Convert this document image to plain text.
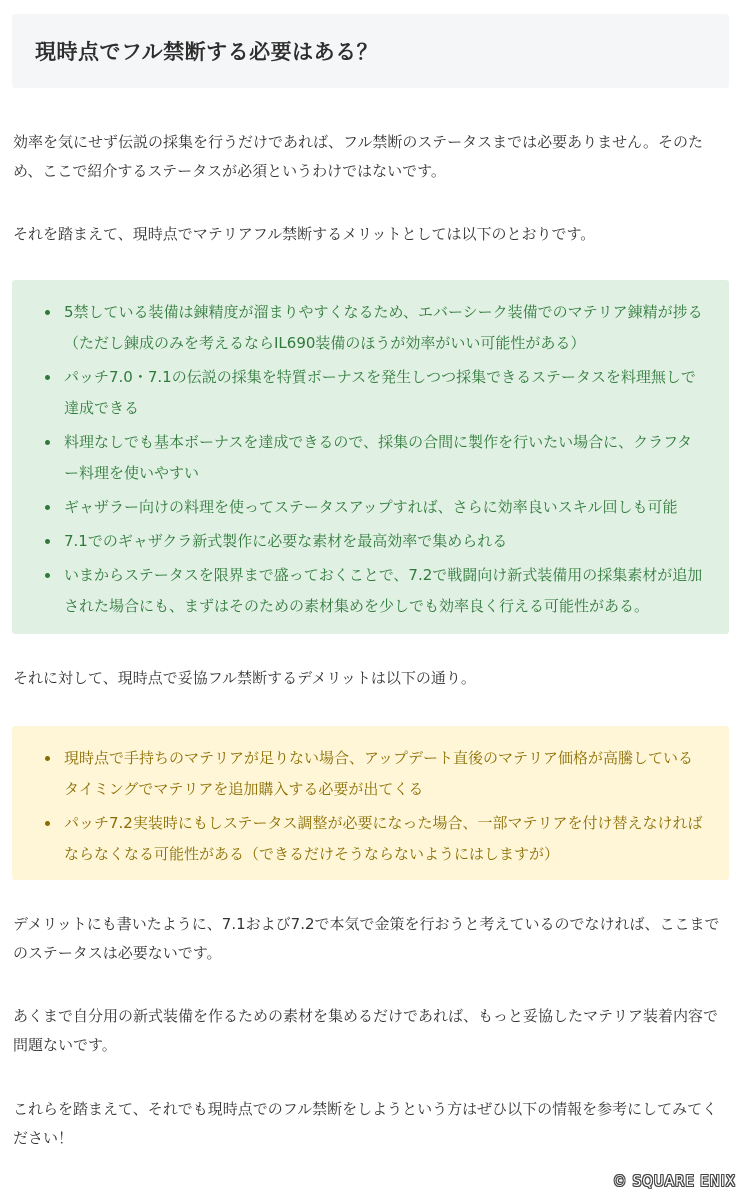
現時点でフル禁断する必要はある？

効率を気にせず伝説の採集を行うだけであれば、フル禁断のステータスまでは必要ありません。そのため、ここで紹介するステータスが必須というわけではないです。

それを踏まえて、現時点でマテリアフル禁断するメリットとしては以下のとおりです。

5禁している装備は錬精度が溜まりやすくなるため、エバーシーク装備でのマテリア錬精が捗る（ただし錬成のみを考えるならIL690装備のほうが効率がいい可能性がある）
パッチ7.0・7.1の伝説の採集を特質ボーナスを発生しつつ採集できるステータスを料理無しで達成できる
料理なしでも基本ボーナスを達成できるので、採集の合間に製作を行いたい場合に、クラフター料理を使いやすい
ギャザラー向けの料理を使ってステータスアップすれば、さらに効率良いスキル回しも可能
7.1でのギャザクラ新式製作に必要な素材を最高効率で集められる
いまからステータスを限界まで盛っておくことで、7.2で戦闘向け新式装備用の採集素材が追加された場合にも、まずはそのための素材集めを少しでも効率良く行える可能性がある。

それに対して、現時点で妥協フル禁断するデメリットは以下の通り。

現時点で手持ちのマテリアが足りない場合、アップデート直後のマテリア価格が高騰しているタイミングでマテリアを追加購入する必要が出てくる
パッチ7.2実装時にもしステータス調整が必要になった場合、一部マテリアを付け替えなければならなくなる可能性がある（できるだけそうならないようにはしますが）

デメリットにも書いたように、7.1および7.2で本気で金策を行おうと考えているのでなければ、ここまでのステータスは必要ないです。

あくまで自分用の新式装備を作るための素材を集めるだけであれば、もっと妥協したマテリア装着内容で問題ないです。

これらを踏まえて、それでも現時点でのフル禁断をしようという方はぜひ以下の情報を参考にしてみてください！

© SQUARE ENIX
